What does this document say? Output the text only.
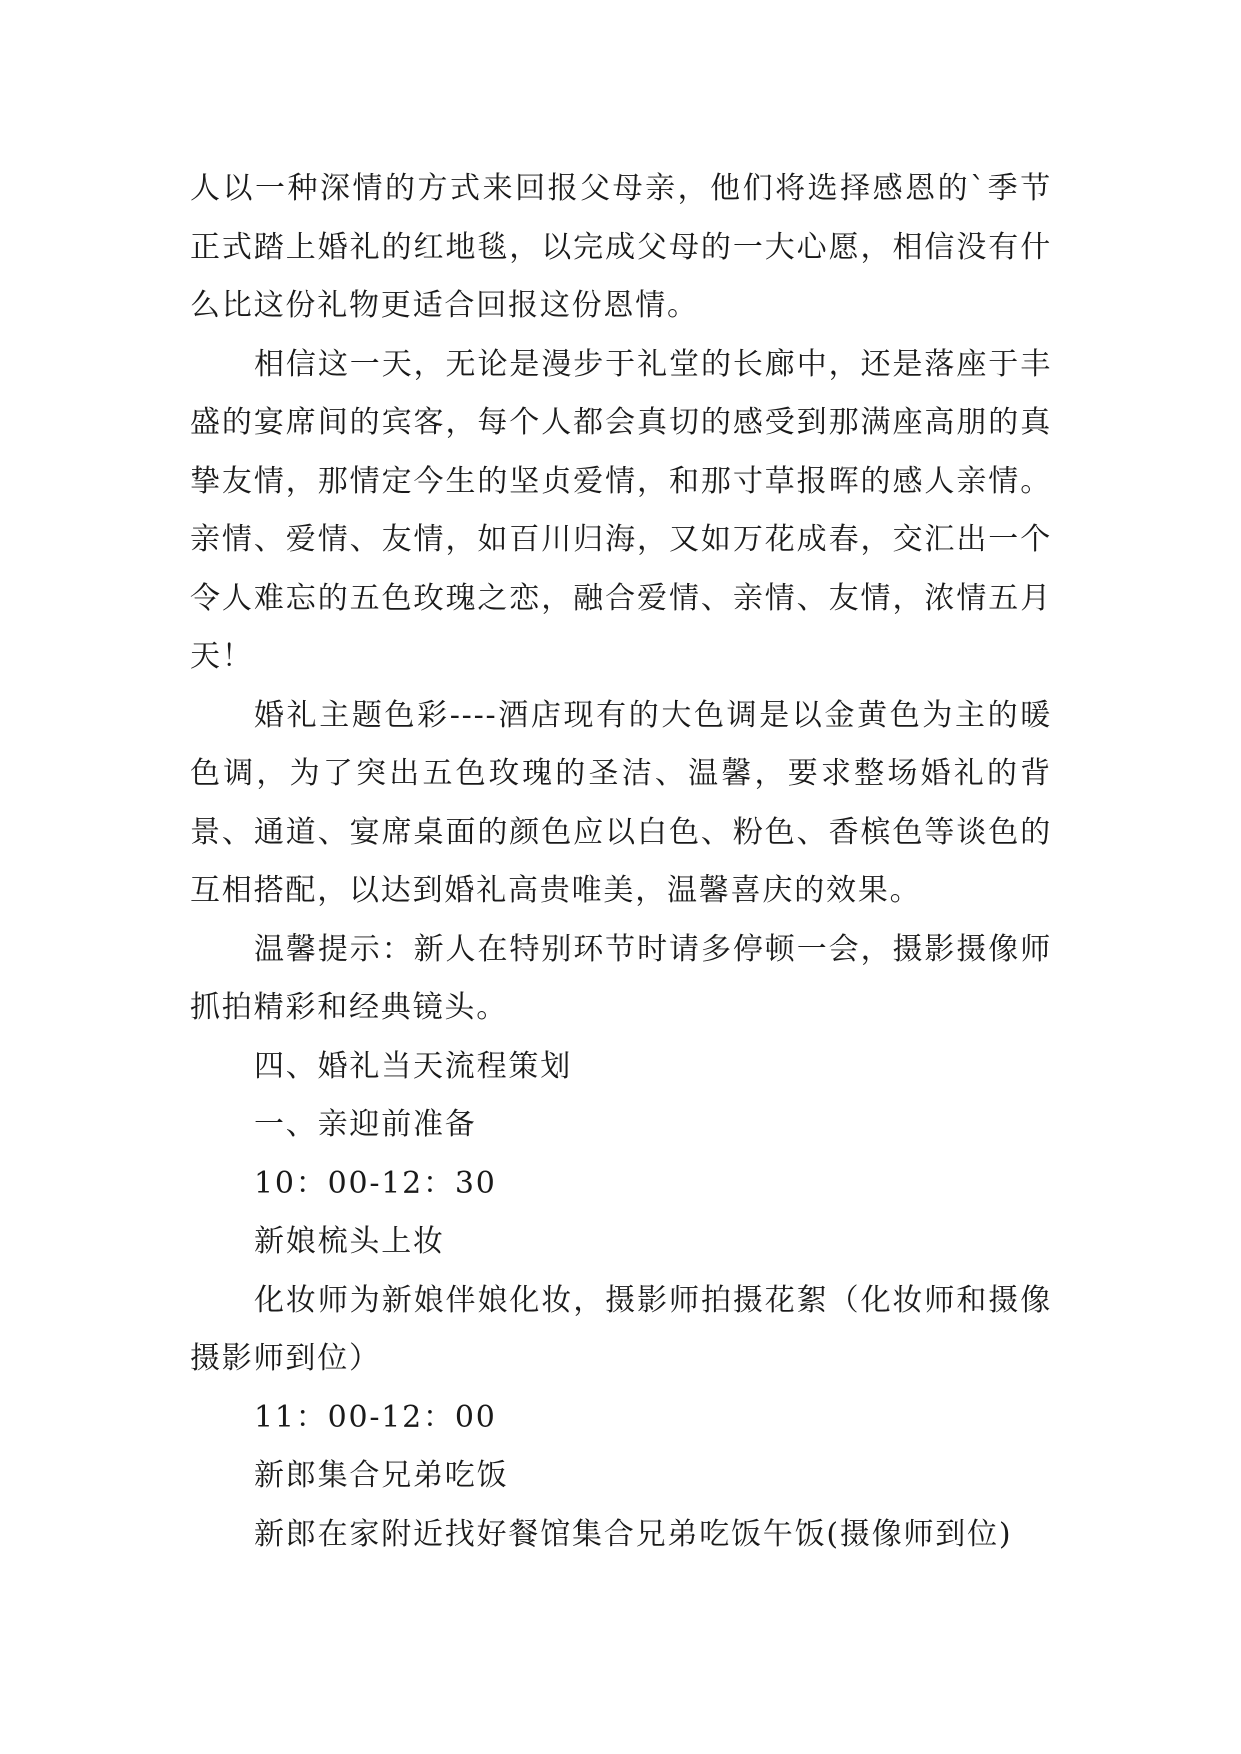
人以一种深情的方式来回报父母亲，他们将选择感恩的`季节正式踏上婚礼的红地毯，以完成父母的一大心愿，相信没有什么比这份礼物更适合回报这份恩情。

相信这一天，无论是漫步于礼堂的长廊中，还是落座于丰盛的宴席间的宾客，每个人都会真切的感受到那满座高朋的真挚友情，那情定今生的坚贞爱情，和那寸草报晖的感人亲情。亲情、爱情、友情，如百川归海，又如万花成春，交汇出一个令人难忘的五色玫瑰之恋，融合爱情、亲情、友情，浓情五月天！

婚礼主题色彩----酒店现有的大色调是以金黄色为主的暖色调，为了突出五色玫瑰的圣洁、温馨，要求整场婚礼的背景、通道、宴席桌面的颜色应以白色、粉色、香槟色等谈色的互相搭配，以达到婚礼高贵唯美，温馨喜庆的效果。

温馨提示：新人在特别环节时请多停顿一会，摄影摄像师抓拍精彩和经典镜头。

四、婚礼当天流程策划

一、亲迎前准备

10：00-12：30

新娘梳头上妆

化妆师为新娘伴娘化妆，摄影师拍摄花絮（化妆师和摄像摄影师到位）

11：00-12：00

新郎集合兄弟吃饭

新郎在家附近找好餐馆集合兄弟吃饭午饭(摄像师到位)
